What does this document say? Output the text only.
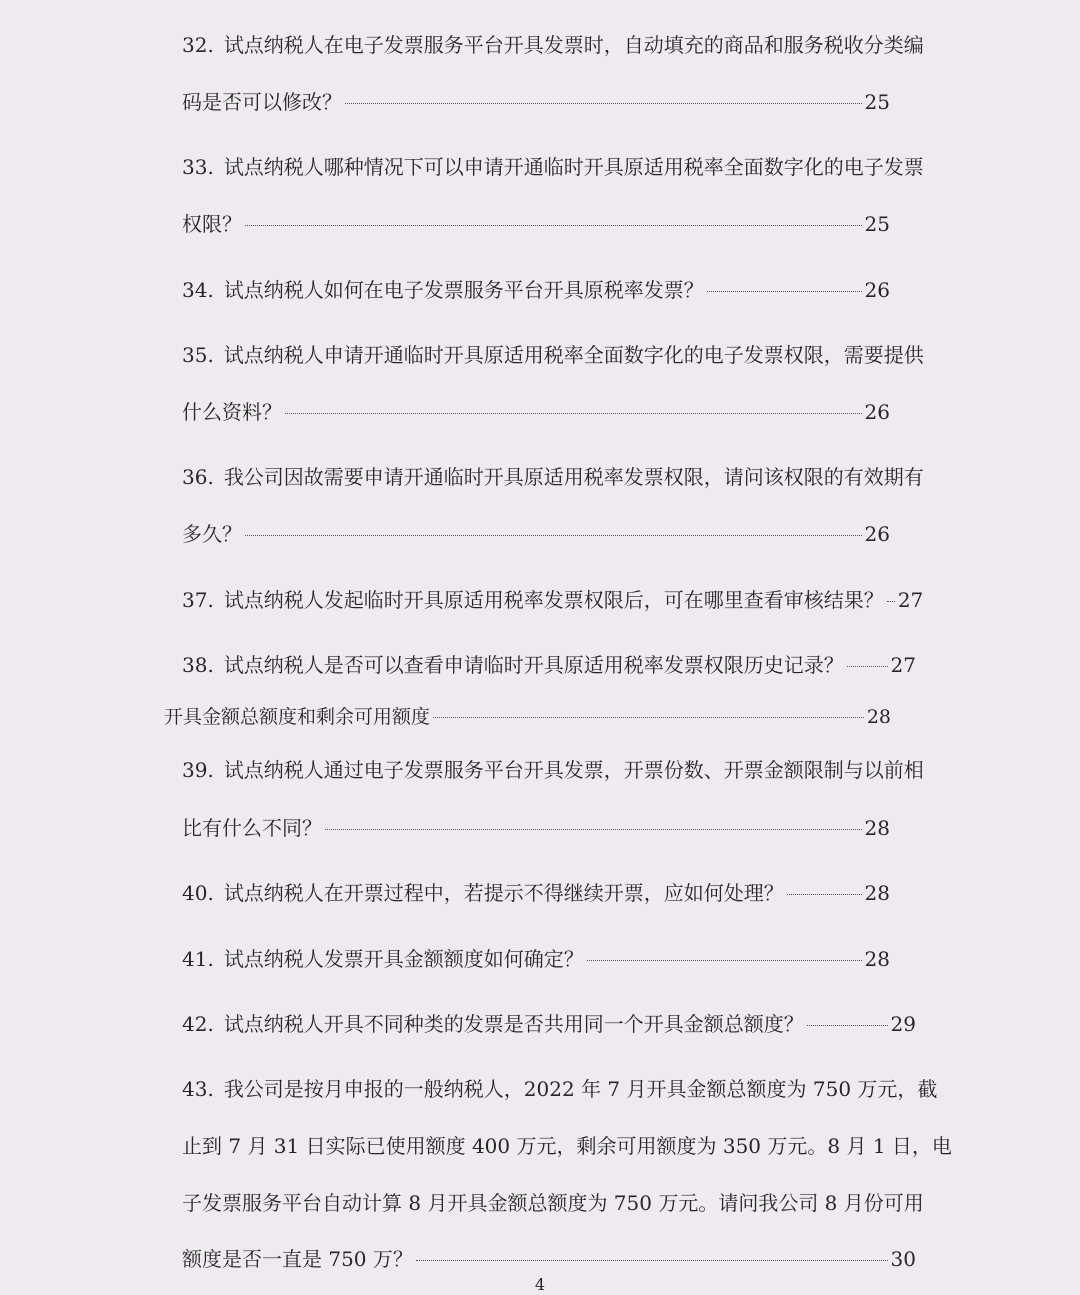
32. 试点纳税人在电子发票服务平台开具发票时，自动填充的商品和服务税收分类编
码是否可以修改？	25
33. 试点纳税人哪种情况下可以申请开通临时开具原适用税率全面数字化的电子发票
权限？	25
34. 试点纳税人如何在电子发票服务平台开具原税率发票？	26
35. 试点纳税人申请开通临时开具原适用税率全面数字化的电子发票权限，需要提供
什么资料？	26
36. 我公司因故需要申请开通临时开具原适用税率发票权限，请问该权限的有效期有
多久？	26
37. 试点纳税人发起临时开具原适用税率发票权限后，可在哪里查看审核结果？ 27
38. 试点纳税人是否可以查看申请临时开具原适用税率发票权限历史记录？ 27
开具金额总额度和剩余可用额度	28
39. 试点纳税人通过电子发票服务平台开具发票，开票份数、开票金额限制与以前相
比有什么不同？	28
40. 试点纳税人在开票过程中，若提示不得继续开票，应如何处理？	28
41. 试点纳税人发票开具金额额度如何确定？	28
42. 试点纳税人开具不同种类的发票是否共用同一个开具金额总额度？	29
43. 我公司是按月申报的一般纳税人，2022 年 7 月开具金额总额度为 750 万元，截
止到 7 月 31 日实际已使用额度 400 万元，剩余可用额度为 350 万元。8 月 1 日，电
子发票服务平台自动计算 8 月开具金额总额度为 750 万元。请问我公司 8 月份可用
额度是否一直是 750 万？	30
4
